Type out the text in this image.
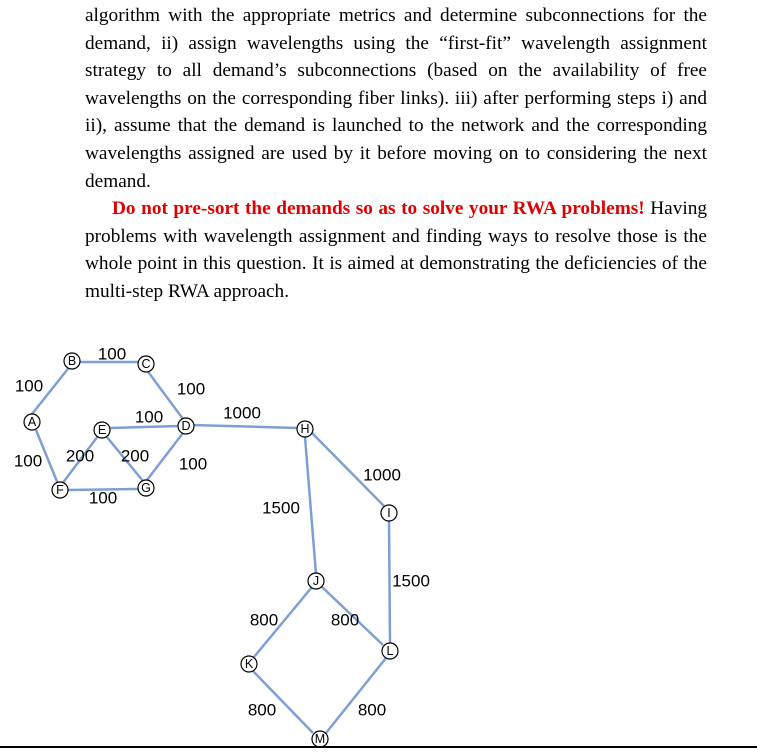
algorithm with the appropriate metrics and determine subconnections for the demand, ii) assign wavelengths using the “first-fit” wavelength assignment strategy to all demand’s subconnections (based on the availability of free wavelengths on the corresponding fiber links). iii) after performing steps i) and ii), assume that the demand is launched to the network and the corresponding wavelengths assigned are used by it before moving on to considering the next demand.

Do not pre-sort the demands so as to solve your RWA problems! Having problems with wavelength assignment and finding ways to resolve those is the whole point in this question. It is aimed at demonstrating the deficiencies of the multi-step RWA approach.

100
100
100
100
100 200 200
100
100
1000
1000
1500
1500
800	800
800	800
A
B	C
D
E
F	G
H
I
J
K
L
M
